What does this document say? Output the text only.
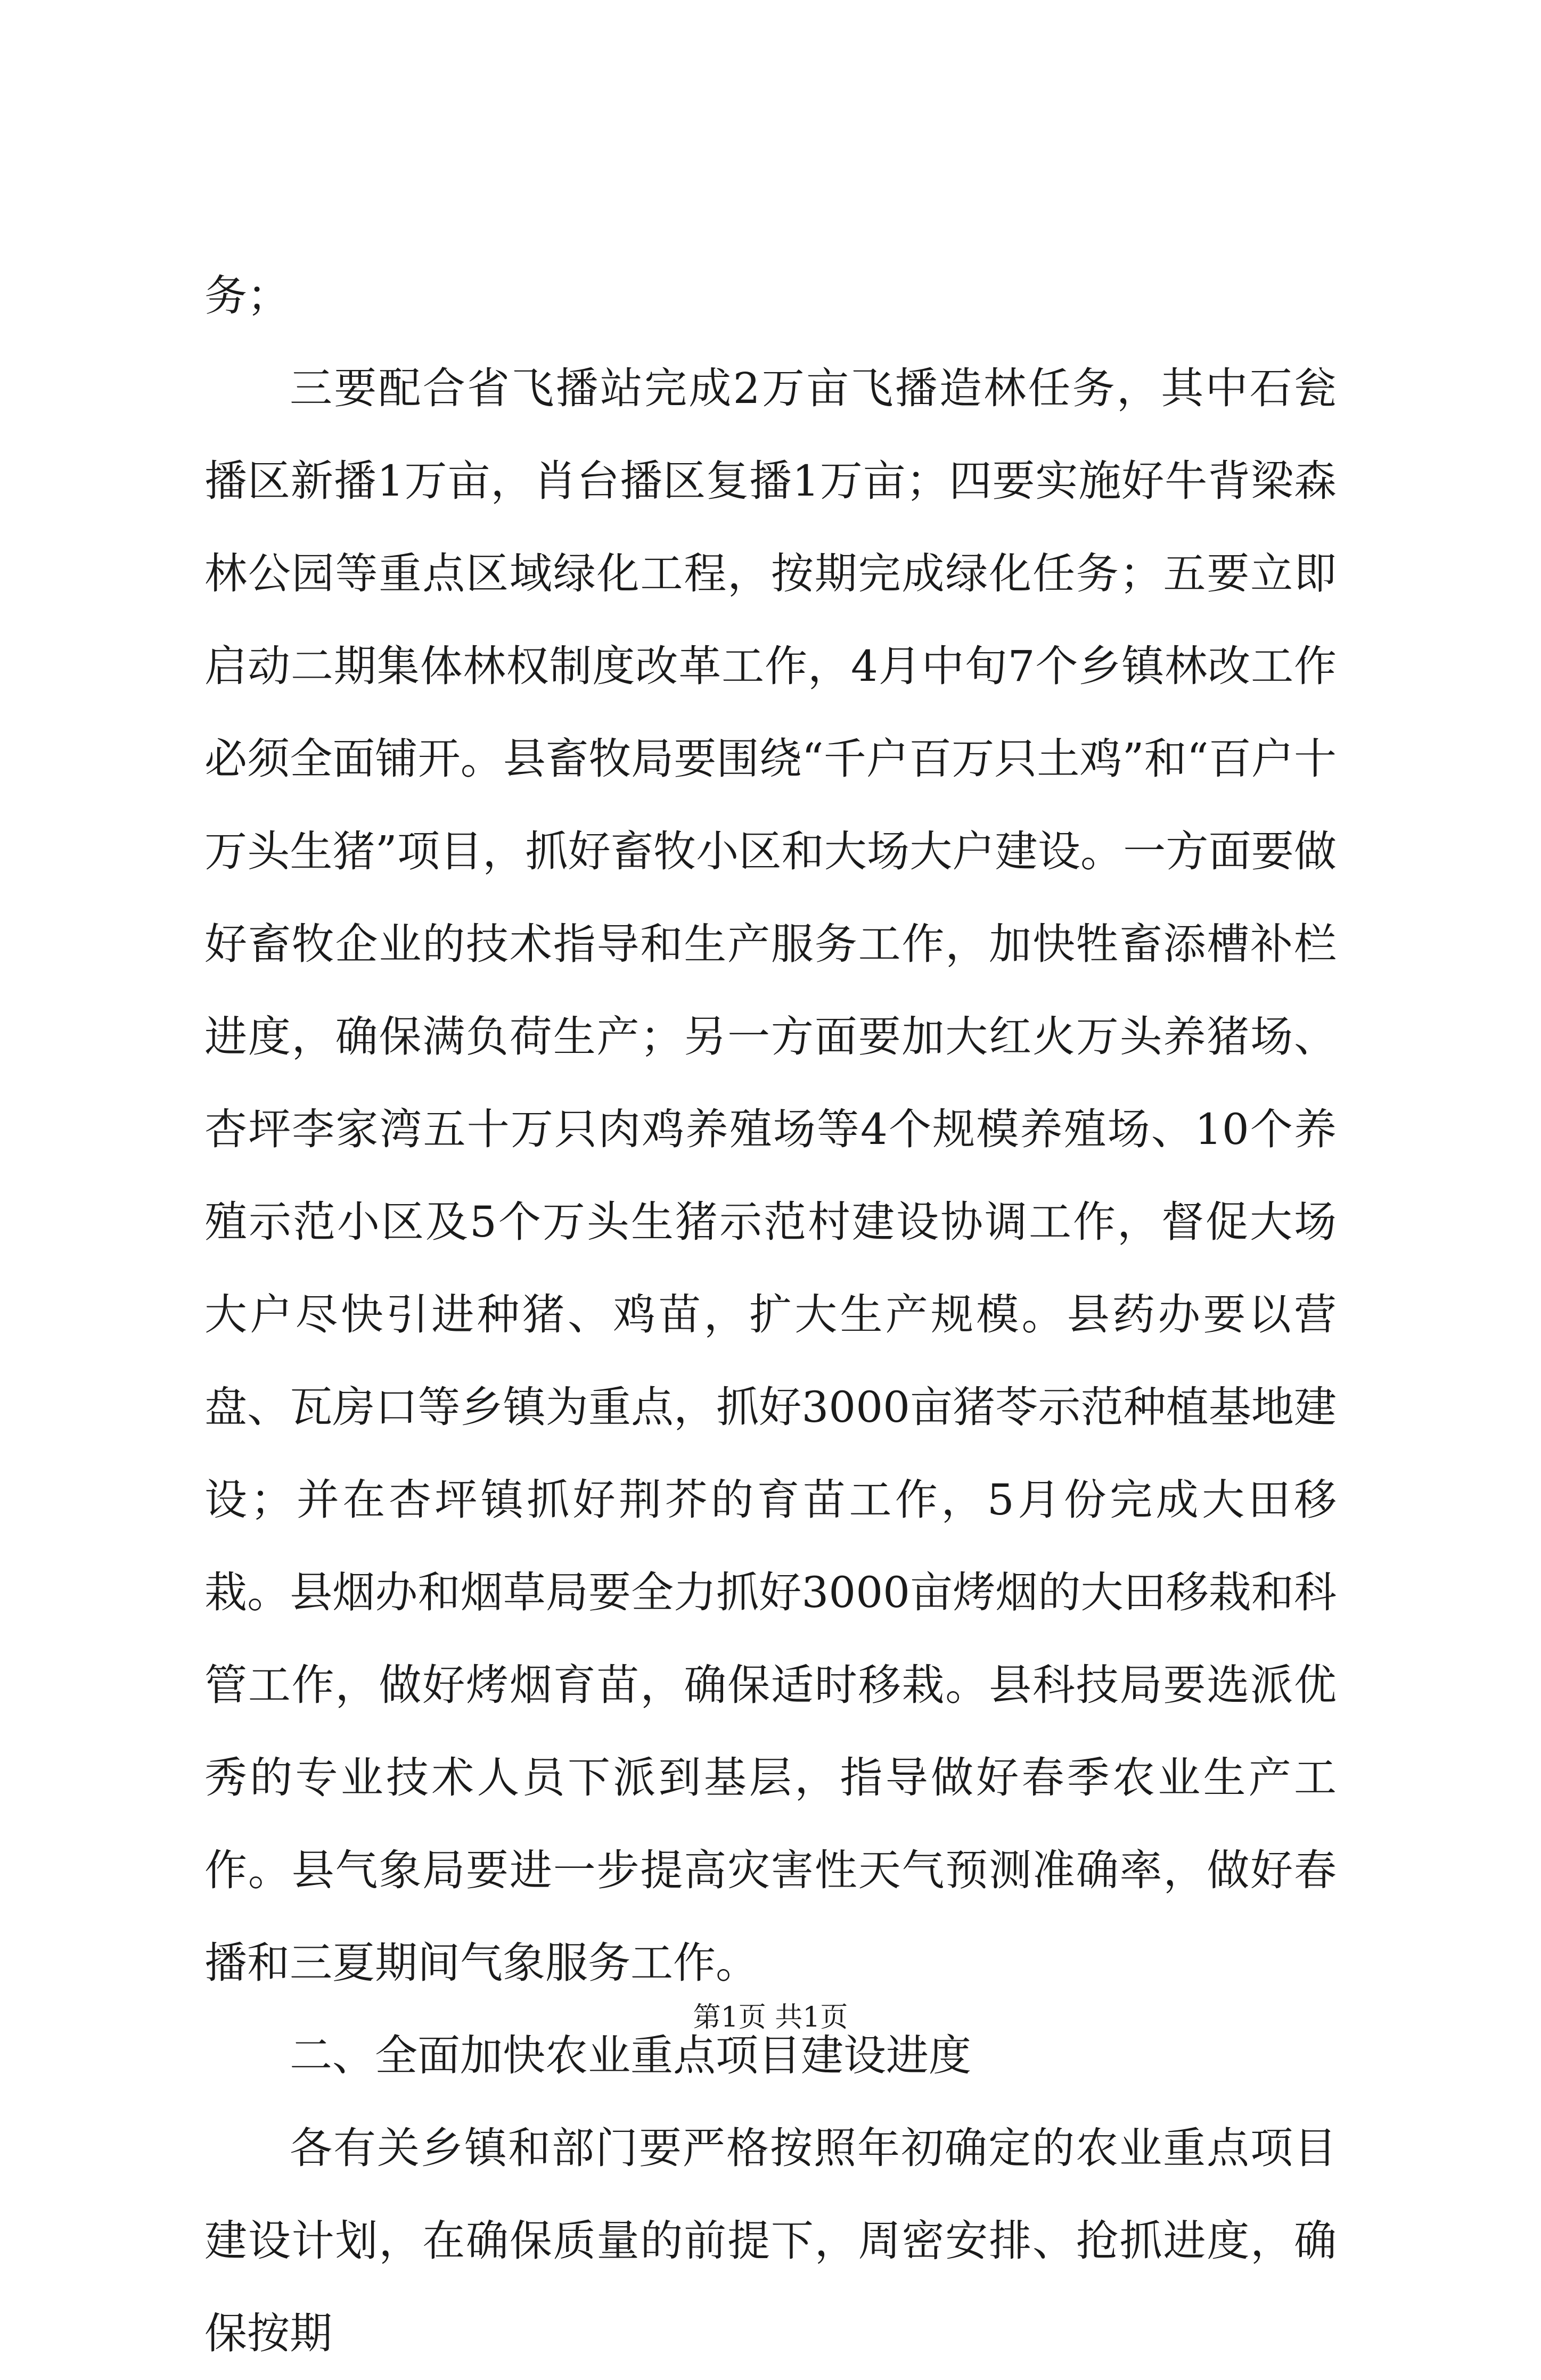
务；

三要配合省飞播站完成2万亩飞播造林任务，其中石瓮播区新播1万亩，肖台播区复播1万亩；四要实施好牛背梁森林公园等重点区域绿化工程，按期完成绿化任务；五要立即启动二期集体林权制度改革工作，4月中旬7个乡镇林改工作必须全面铺开。县畜牧局要围绕“千户百万只土鸡”和“百户十万头生猪”项目，抓好畜牧小区和大场大户建设。一方面要做好畜牧企业的技术指导和生产服务工作，加快牲畜添槽补栏进度，确保满负荷生产；另一方面要加大红火万头养猪场、杏坪李家湾五十万只肉鸡养殖场等4个规模养殖场、10个养殖示范小区及5个万头生猪示范村建设协调工作，督促大场大户尽快引进种猪、鸡苗，扩大生产规模。县药办要以营盘、瓦房口等乡镇为重点，抓好3000亩猪苓示范种植基地建设；并在杏坪镇抓好荆芥的育苗工作，5月份完成大田移栽。县烟办和烟草局要全力抓好3000亩烤烟的大田移栽和科管工作，做好烤烟育苗，确保适时移栽。县科技局要选派优秀的专业技术人员下派到基层，指导做好春季农业生产工作。县气象局要进一步提高灾害性天气预测准确率，做好春播和三夏期间气象服务工作。

二、全面加快农业重点项目建设进度

各有关乡镇和部门要严格按照年初确定的农业重点项目建设计划，在确保质量的前提下，周密安排、抢抓进度，确保按期

第1页 共1页
